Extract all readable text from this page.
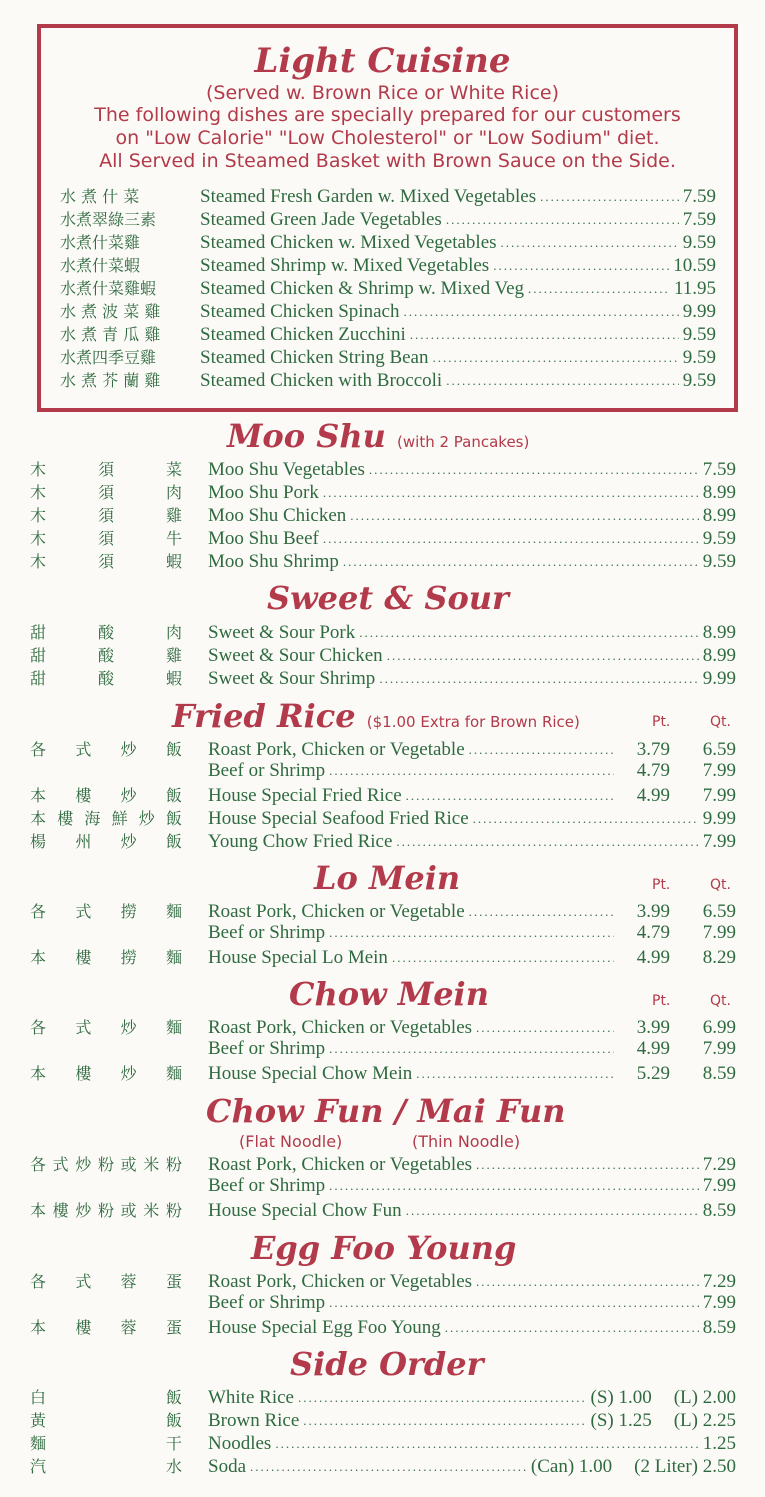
Light Cuisine
(Served w. Brown Rice or White Rice)
The following dishes are specially prepared for our customers
on "Low Calorie" "Low Cholesterol" or "Low Sodium" diet.
All Served in Steamed Basket with Brown Sauce on the Side.
水 煮 什 菜	Steamed Fresh Garden w. Mixed Vegetables .....	7.59
水煮翠綠三素	Steamed Green Jade Vegetables .....	7.59
水煮什菜雞	Steamed Chicken w. Mixed Vegetables .....	9.59
水煮什菜蝦	Steamed Shrimp w. Mixed Vegetables .....	10.59
水煮什菜雞蝦	Steamed Chicken & Shrimp w. Mixed Veg .....	11.95
水 煮 波 菜 雞	Steamed Chicken Spinach .....	9.99
水 煮 青 瓜 雞	Steamed Chicken Zucchini .....	9.59
水煮四季豆雞	Steamed Chicken String Bean .....	9.59
水 煮 芥 蘭 雞	Steamed Chicken with Broccoli .....	9.59
Moo Shu (with 2 Pancakes)
Sweet & Sour
Fried Rice ($1.00 Extra for Brown Rice)	Pt.	Qt.
Lo Mein	Pt.	Qt.
Chow Mein	Pt.	Qt.
Chow Fun / Mai Fun
(Flat Noodle)	(Thin Noodle)
Egg Foo Young
Side Order
木	須	菜 Moo Shu Vegetables .....	7.59
木	須	肉 Moo Shu Pork .....	8.99
木	須	雞 Moo Shu Chicken .....	8.99
木	須	牛 Moo Shu Beef .....	9.59
木	須	蝦 Moo Shu Shrimp .....	9.59
甜	酸	肉 Sweet & Sour Pork .....	8.99
甜	酸	雞 Sweet & Sour Chicken .....	8.99
甜	酸	蝦 Sweet & Sour Shrimp .....	9.99
各 式 炒 飯 Roast Pork, Chicken or Vegetable .....	3.79	6.59
Beef or Shrimp .....	4.79	7.99
本 樓 炒 飯 House Special Fried Rice .....	4.99	7.99
本 樓 海 鮮 炒 飯 House Special Seafood Fried Rice .....	9.99
楊 州 炒 飯 Young Chow Fried Rice .....	7.99
各 式 撈 麵 Roast Pork, Chicken or Vegetable .....	3.99	6.59
Beef or Shrimp .....	4.79	7.99
本 樓 撈 麵 House Special Lo Mein .....	4.99	8.29
各 式 炒 麵 Roast Pork, Chicken or Vegetables .....	3.99	6.99
Beef or Shrimp .....	4.99	7.99
本 樓 炒 麵 House Special Chow Mein .....	5.29	8.59
各 式 炒 粉 或 米 粉 Roast Pork, Chicken or Vegetables .....	7.29
Beef or Shrimp .....	7.99
本 樓 炒 粉 或 米 粉 House Special Chow Fun .....	8.59
各 式 蓉 蛋 Roast Pork, Chicken or Vegetables .....	7.29
Beef or Shrimp .....	7.99
本 樓 蓉 蛋 House Special Egg Foo Young .....	8.59
白	飯 White Rice .....	(S) 1.00 (L) 2.00
黃	飯 Brown Rice .....	(S) 1.25 (L) 2.25
麵	干 Noodles .....	1.25
汽	水 Soda .....	(Can) 1.00 (2 Liter) 2.50
